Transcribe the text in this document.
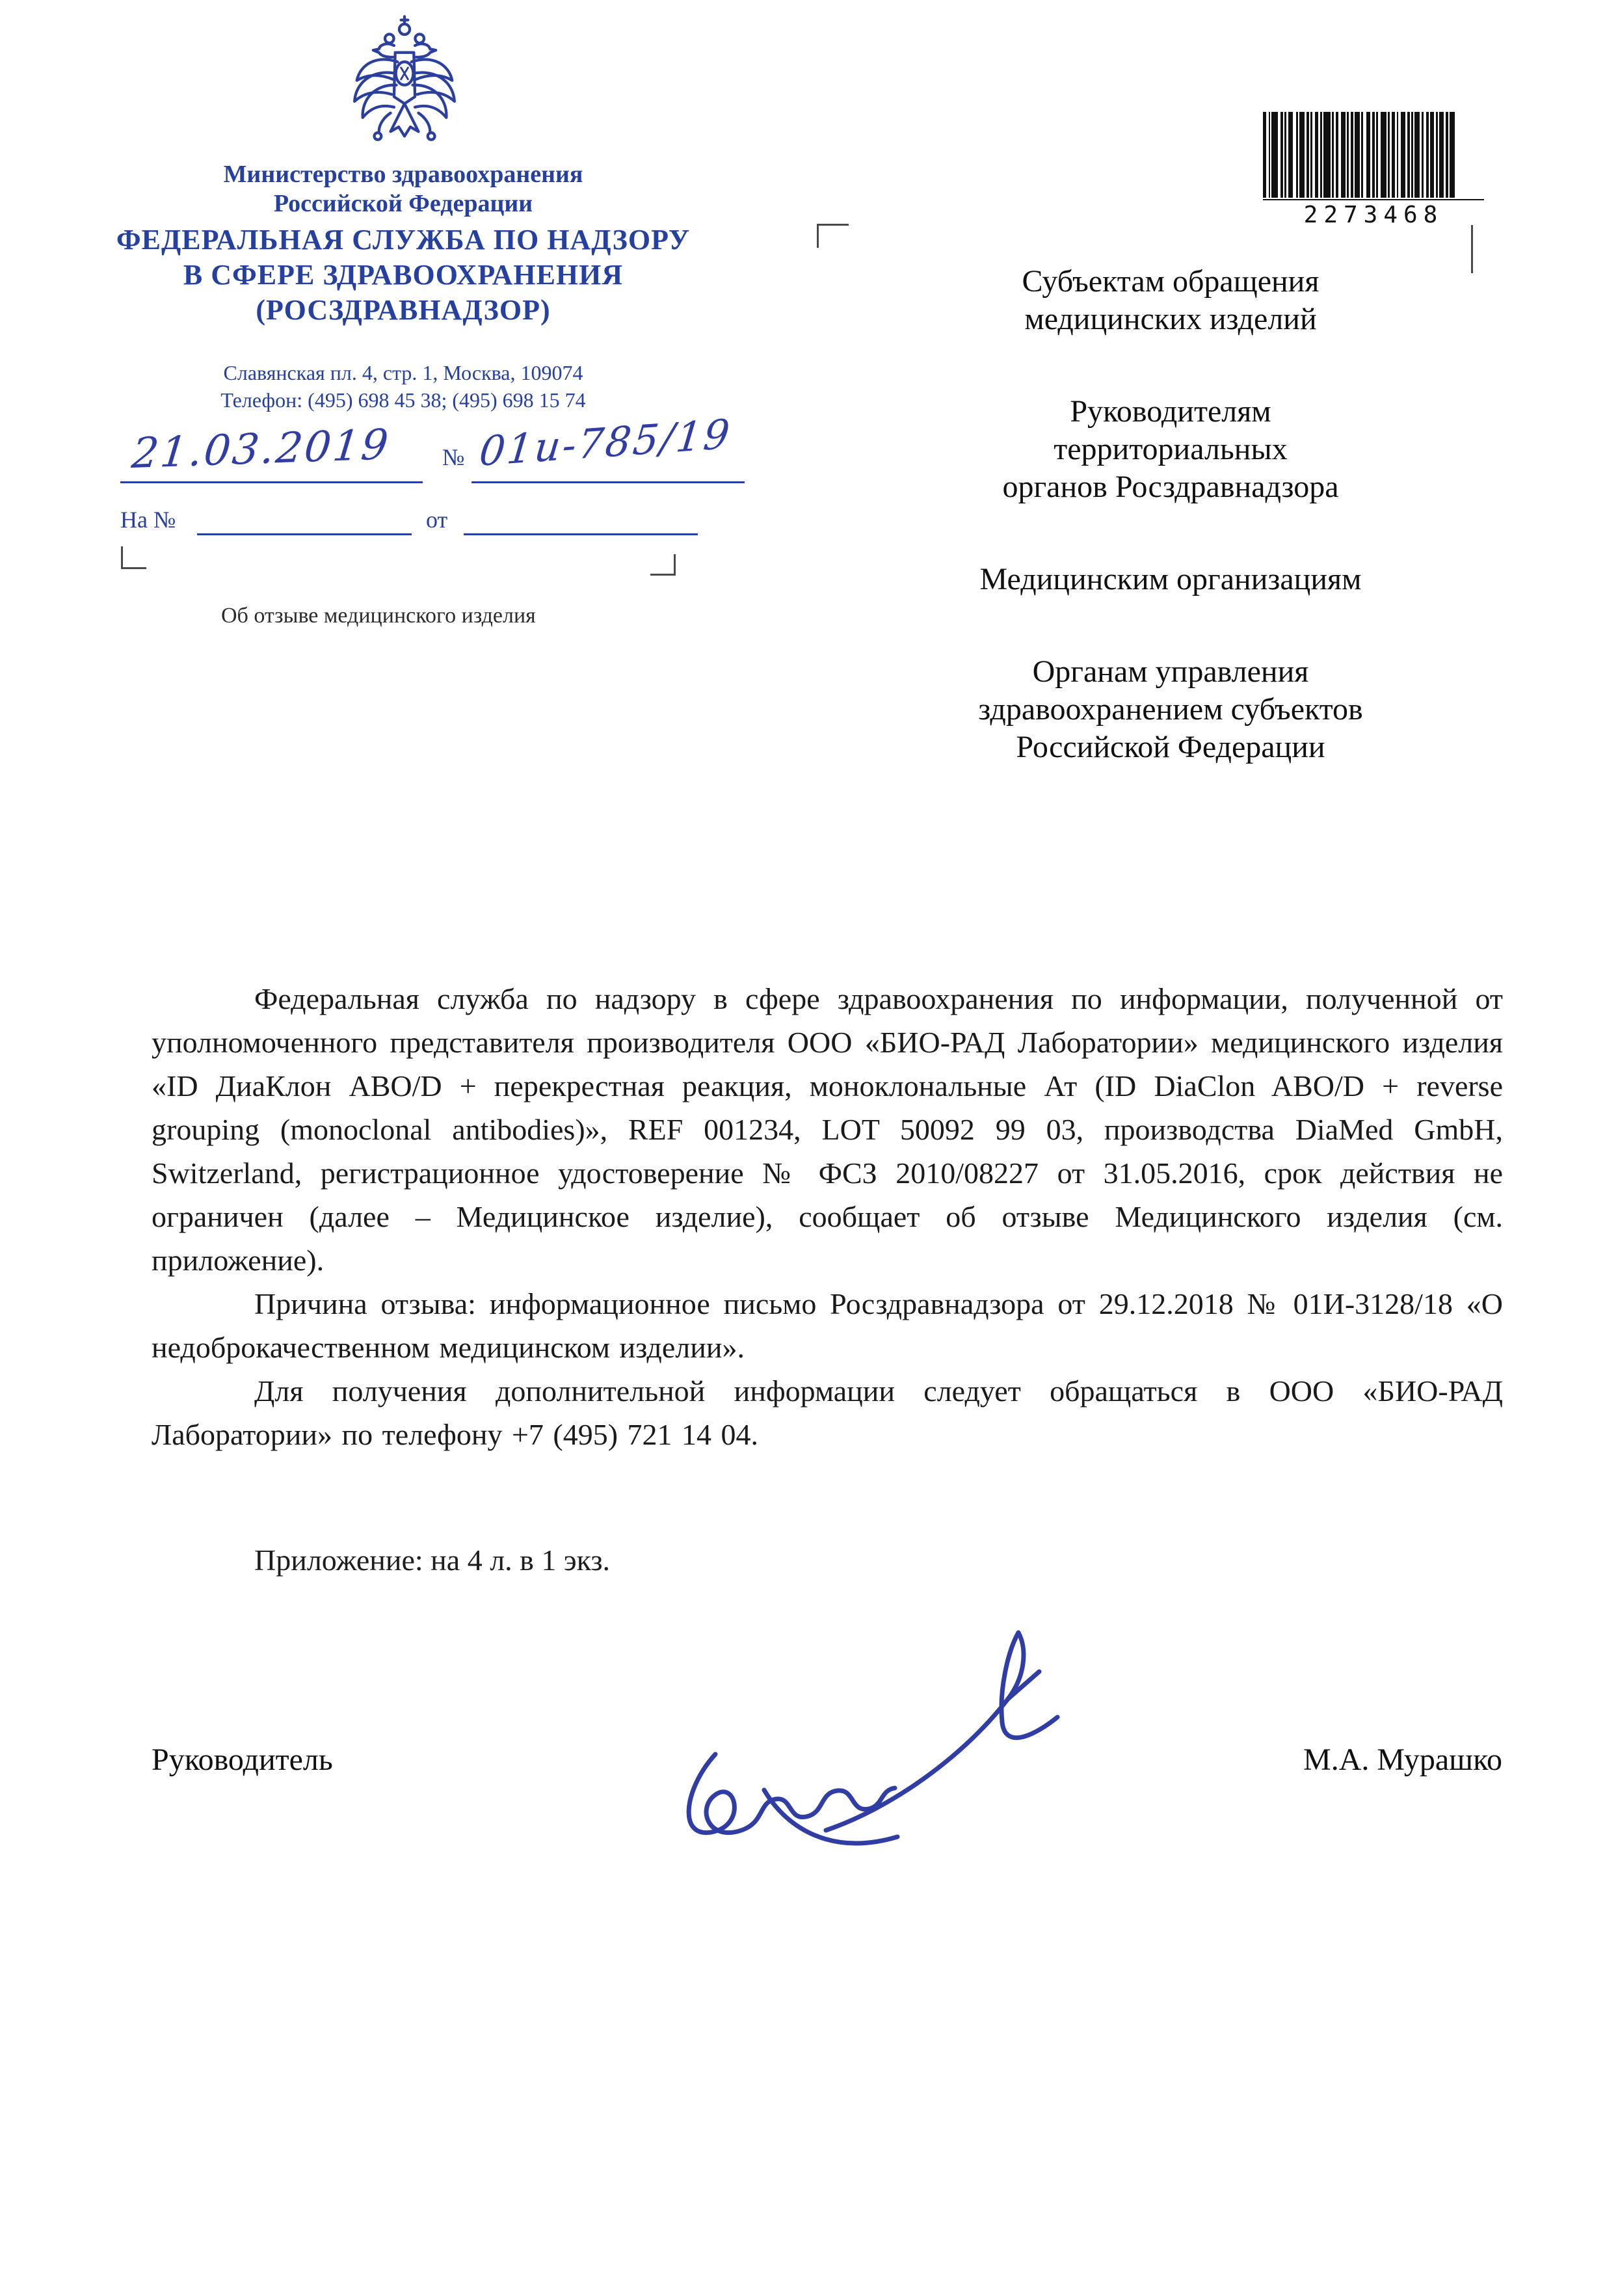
Министерство здравоохранения
Российской Федерации
ФЕДЕРАЛЬНАЯ СЛУЖБА ПО НАДЗОРУ
В СФЕРЕ ЗДРАВООХРАНЕНИЯ
(РОСЗДРАВНАДЗОР)
Славянская пл. 4, стр. 1, Москва, 109074
Телефон: (495) 698 45 38; (495) 698 15 74
21.03.2019 № 01и-785/19
На №	от
Об отзыве медицинского изделия
2273468
Субъектам обращения
медицинских изделий
Руководителям
территориальных
органов Росздравнадзора
Медицинским организациям
Органам управления
здравоохранением субъектов
Российской Федерации

Федеральная служба по надзору в сфере здравоохранения по информации, полученной от уполномоченного представителя производителя ООО «БИО-РАД Лаборатории» медицинского изделия «ID ДиаКлон ABO/D + перекрестная реакция, моноклональные Ат (ID DiaClon ABO/D + reverse grouping (monoclonal antibodies)», REF 001234, LOT 50092 99 03, производства DiaMed GmbH, Switzerland, регистрационное удостоверение № ФСЗ 2010/08227 от 31.05.2016, срок действия не ограничен (далее – Медицинское изделие), сообщает об отзыве Медицинского изделия (см. приложение).

Причина отзыва: информационное письмо Росздравнадзора от 29.12.2018 № 01И-3128/18 «О недоброкачественном медицинском изделии».

Для получения дополнительной информации следует обращаться в ООО «БИО-РАД Лаборатории» по телефону +7 (495) 721 14 04.

Приложение: на 4 л. в 1 экз.
Руководитель	М.А. Мурашко
